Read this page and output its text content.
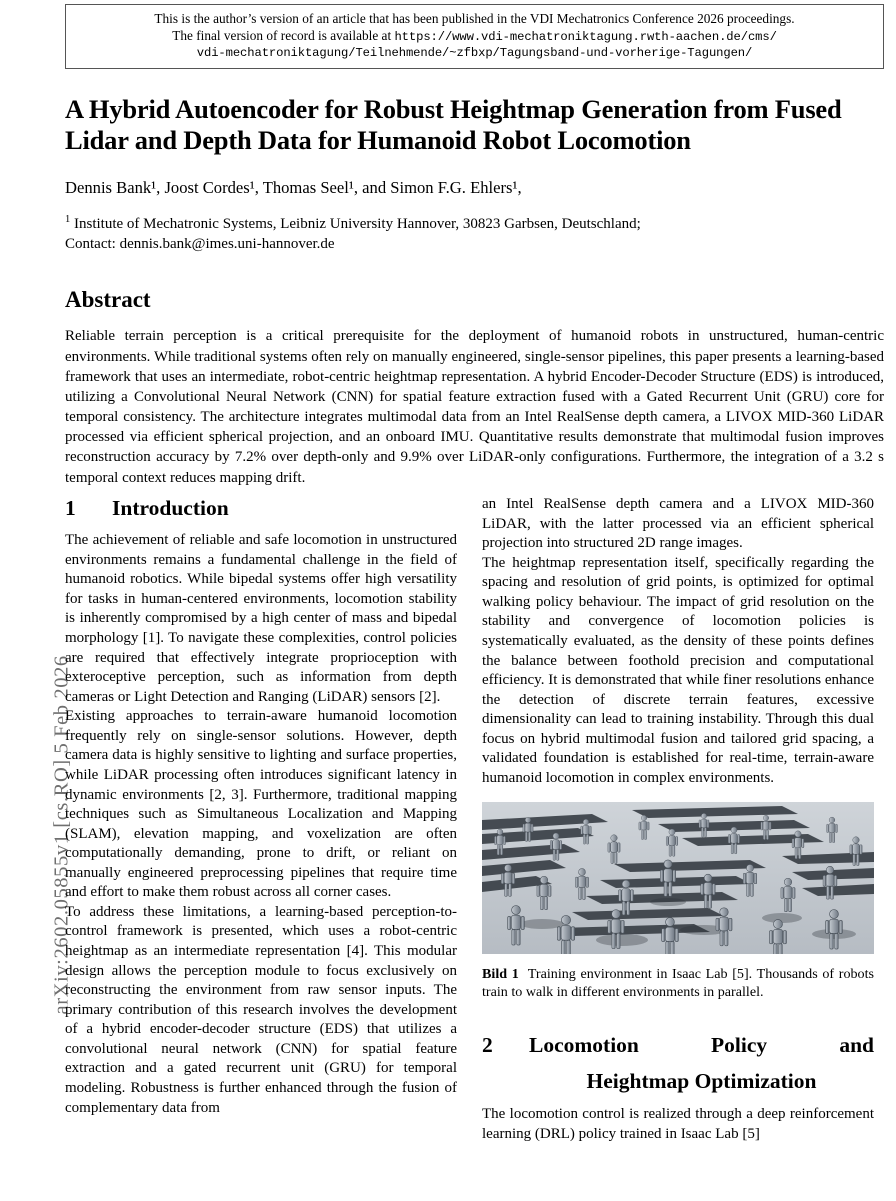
arXiv:2602.05855v1 [cs.RO] 5 Feb 2026
This is the author’s version of an article that has been published in the VDI Mechatronics Conference 2026 proceedings.
The final version of record is available at https://www.vdi-mechatroniktagung.rwth-aachen.de/cms/
vdi-mechatroniktagung/Teilnehmende/~zfbxp/Tagungsband-und-vorherige-Tagungen/
A Hybrid Autoencoder for Robust Heightmap Generation from Fused Lidar and Depth Data for Humanoid Robot Locomotion
Dennis Bank¹, Joost Cordes¹, Thomas Seel¹, and Simon F.G. Ehlers¹,
$^1$ Institute of Mechatronic Systems, Leibniz University Hannover, 30823 Garbsen, Deutschland;
Contact: dennis.bank@imes.uni-hannover.de
Abstract
Reliable terrain perception is a critical prerequisite for the deployment of humanoid robots in unstructured, human-centric environments. While traditional systems often rely on manually engineered, single-sensor pipelines, this paper presents a learning-based framework that uses an intermediate, robot-centric heightmap representation. A hybrid Encoder-Decoder Structure (EDS) is introduced, utilizing a Convolutional Neural Network (CNN) for spatial feature extraction fused with a Gated Recurrent Unit (GRU) core for temporal consistency. The architecture integrates multimodal data from an Intel RealSense depth camera, a LIVOX MID-360 LiDAR processed via efficient spherical projection, and an onboard IMU. Quantitative results demonstrate that multimodal fusion improves reconstruction accuracy by 7.2% over depth-only and 9.9% over LiDAR-only configurations. Furthermore, the integration of a 3.2 s temporal context reduces mapping drift.
1	Introduction

The achievement of reliable and safe locomotion in unstructured environments remains a fundamental challenge in the field of humanoid robotics. While bipedal systems offer high versatility for tasks in human-centered environments, locomotion stability is inherently compromised by a high center of mass and bipedal morphology [1]. To navigate these complexities, control policies are required that effectively integrate proprioception with exteroceptive perception, such as information from depth cameras or Light Detection and Ranging (LiDAR) sensors [2].

Existing approaches to terrain-aware humanoid locomotion frequently rely on single-sensor solutions. However, depth camera data is highly sensitive to lighting and surface properties, while LiDAR processing often introduces significant latency in dynamic environments [2, 3]. Furthermore, traditional mapping techniques such as Simultaneous Localization and Mapping (SLAM), elevation mapping, and voxelization are often computationally demanding, prone to drift, or reliant on manually engineered preprocessing pipelines that require time and effort to make them robust across all corner cases.

To address these limitations, a learning-based perception-to-control framework is presented, which uses a robot-centric heightmap as an intermediate representation [4]. This modular design allows the perception module to focus exclusively on reconstructing the environment from raw sensor inputs. The primary contribution of this research involves the development of a hybrid encoder-decoder structure (EDS) that utilizes a convolutional neural network (CNN) for spatial feature extraction and a gated recurrent unit (GRU) for temporal modeling. Robustness is further enhanced through the fusion of complementary data from

an Intel RealSense depth camera and a LIVOX MID-360 LiDAR, with the latter processed via an efficient spherical projection into structured 2D range images.

The heightmap representation itself, specifically regarding the spacing and resolution of grid points, is optimized for optimal walking policy behaviour. The impact of grid resolution on the stability and convergence of locomotion policies is systematically evaluated, as the density of these points defines the balance between foothold precision and computational efficiency. It is demonstrated that while finer resolutions enhance the detection of discrete terrain features, excessive dimensionality can lead to training instability. Through this dual focus on hybrid multimodal fusion and tailored grid spacing, a validated foundation is established for real-time, terrain-aware humanoid locomotion in complex environments.

Bild 1 Training environment in Isaac Lab [5]. Thousands of robots train to walk in different environments in parallel.
2	Locomotion Policy and
Heightmap Optimization

The locomotion control is realized through a deep reinforcement learning (DRL) policy trained in Isaac Lab [5]
